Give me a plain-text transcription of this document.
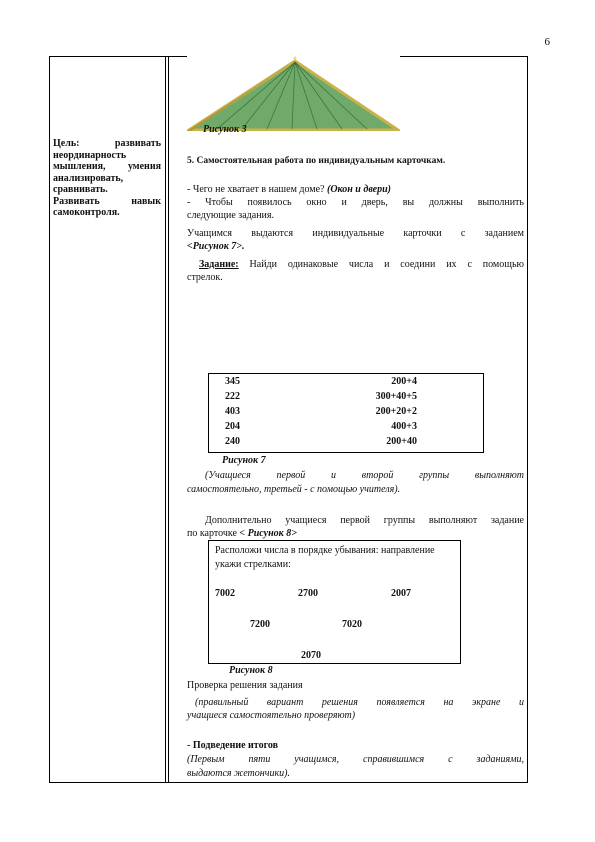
6
Цель:	развивать
неординарность
мышления, умения
анализировать,
сравнивать.
Развивать	навык
самоконтроля.
Рисунок 3
5. Самостоятельная работа по индивидуальным карточкам.
- Чего не хватает в нашем доме? (Окон и двери)
- Чтобы появилось окно и дверь, вы должны выполнить
следующие задания.
Учащимся выдаются индивидуальные карточки с заданием
<Рисунок 7>.
Задание: Найди одинаковые числа и соедини их с помощью
стрелок.
345	200+4
222	300+40+5
403	200+20+2
204	400+3
240	200+40
Рисунок 7
(Учащиеся первой и второй группы выполняют
самостоятельно, третьей - с помощью учителя).
Дополнительно учащиеся первой группы выполняют задание
по карточке < Рисунок 8>
Расположи числа в порядке убывания: направление
укажи стрелками:
7002	2700	2007
7200	7020
2070
Рисунок 8
Проверка решения задания
(правильный вариант решения появляется на экране и
учащиеся самостоятельно проверяют)
- Подведение итогов
(Первым пяти учащимся, справившимся с заданиями,
выдаются жетончики).
